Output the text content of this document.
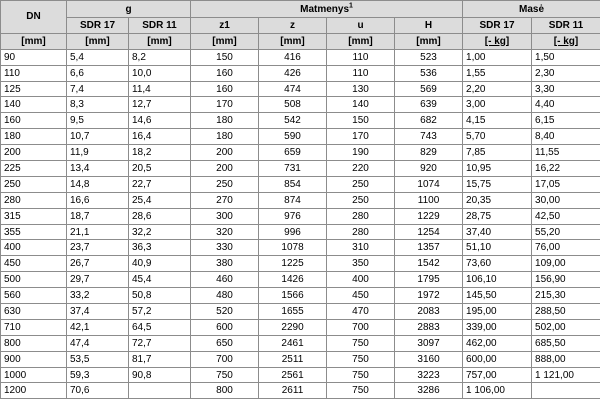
DN	g		Matmenys$^1$				Masė	
	SDR 17	SDR 11	z1	z	u	H	SDR 17	SDR 11
[mm]	[mm]	[mm]	[mm]	[mm]	[mm]	[mm]	[- kg]	[- kg]
90	5,4	8,2	150	416	110	523	1,00	1,50
110	6,6	10,0	160	426	110	536	1,55	2,30
125	7,4	11,4	160	474	130	569	2,20	3,30
140	8,3	12,7	170	508	140	639	3,00	4,40
160	9,5	14,6	180	542	150	682	4,15	6,15
180	10,7	16,4	180	590	170	743	5,70	8,40
200	11,9	18,2	200	659	190	829	7,85	11,55
225	13,4	20,5	200	731	220	920	10,95	16,22
250	14,8	22,7	250	854	250	1074	15,75	17,05
280	16,6	25,4	270	874	250	1100	20,35	30,00
315	18,7	28,6	300	976	280	1229	28,75	42,50
355	21,1	32,2	320	996	280	1254	37,40	55,20
400	23,7	36,3	330	1078	310	1357	51,10	76,00
450	26,7	40,9	380	1225	350	1542	73,60	109,00
500	29,7	45,4	460	1426	400	1795	106,10	156,90
560	33,2	50,8	480	1566	450	1972	145,50	215,30
630	37,4	57,2	520	1655	470	2083	195,00	288,50
710	42,1	64,5	600	2290	700	2883	339,00	502,00
800	47,4	72,7	650	2461	750	3097	462,00	685,50
900	53,5	81,7	700	2511	750	3160	600,00	888,00
1000	59,3	90,8	750	2561	750	3223	757,00	1 121,00
1200	70,6		800	2611	750	3286	1 106,00	
